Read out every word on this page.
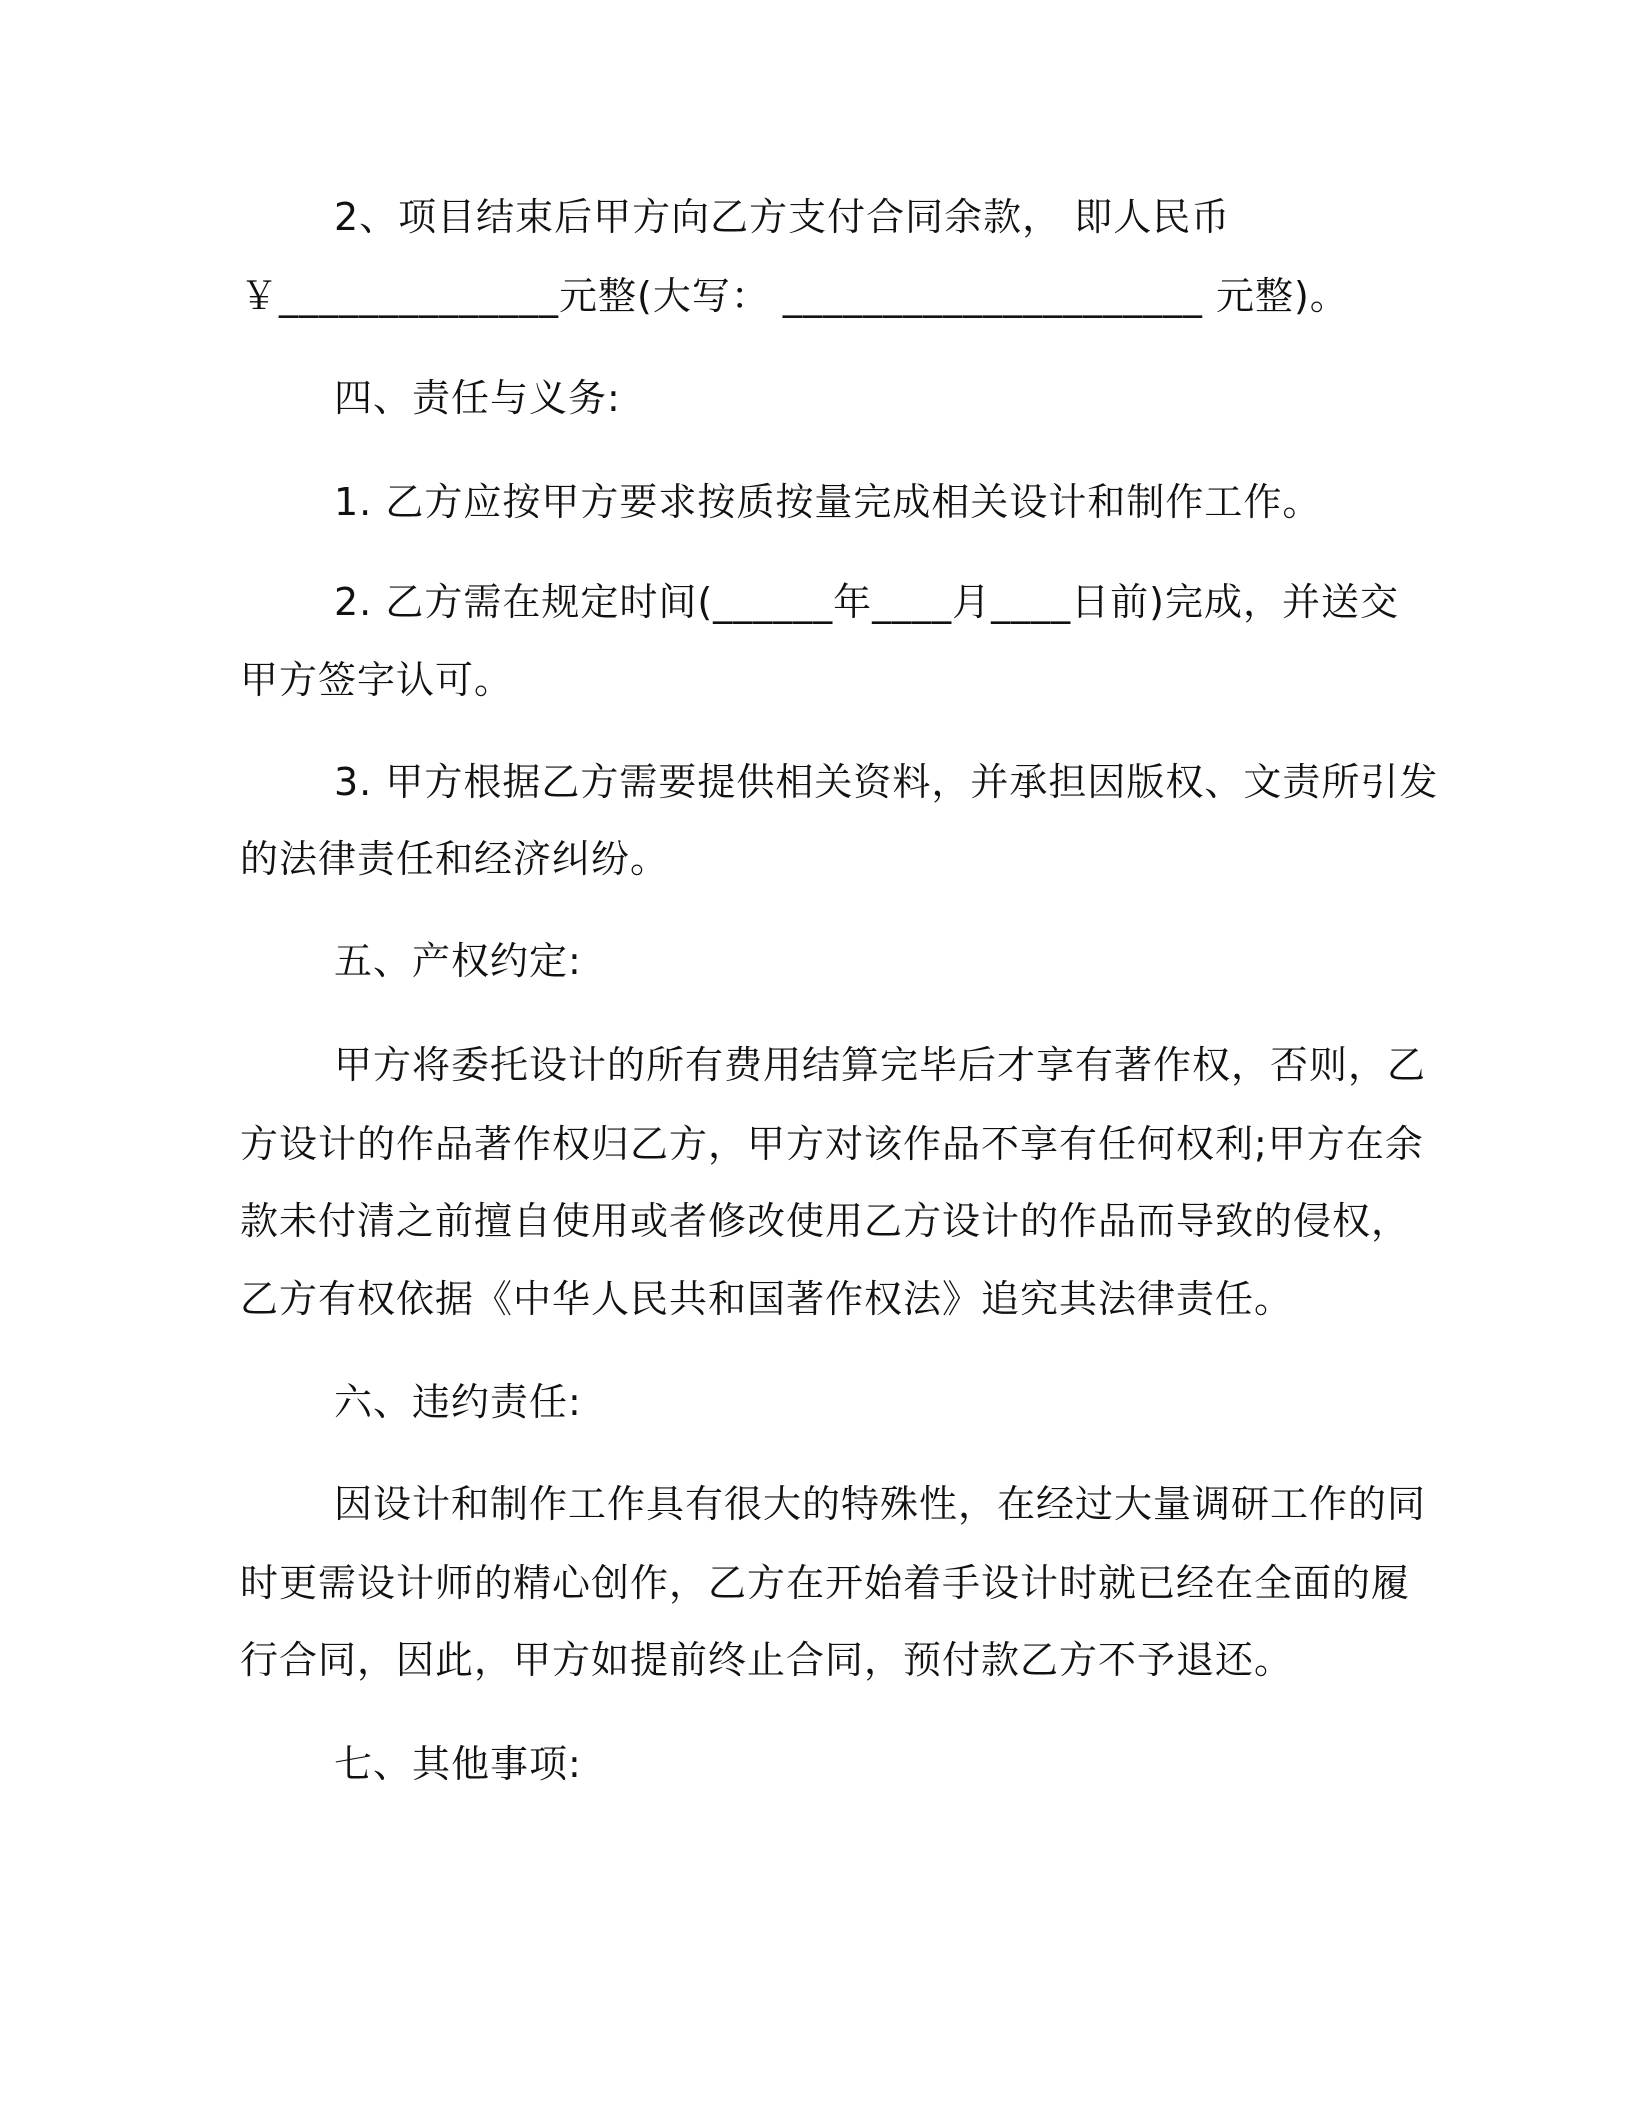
2、项目结束后甲方向乙方支付合同余款， 即人民币
￥______________元整(大写： _____________________ 元整)。
四、责任与义务:
1. 乙方应按甲方要求按质按量完成相关设计和制作工作。
2. 乙方需在规定时间(______年____月____日前)完成，并送交
甲方签字认可。
3. 甲方根据乙方需要提供相关资料，并承担因版权、文责所引发
的法律责任和经济纠纷。
五、产权约定:
甲方将委托设计的所有费用结算完毕后才享有著作权，否则，乙
方设计的作品著作权归乙方，甲方对该作品不享有任何权利;甲方在余
款未付清之前擅自使用或者修改使用乙方设计的作品而导致的侵权，
乙方有权依据《中华人民共和国著作权法》追究其法律责任。
六、违约责任:
因设计和制作工作具有很大的特殊性，在经过大量调研工作的同
时更需设计师的精心创作，乙方在开始着手设计时就已经在全面的履
行合同，因此，甲方如提前终止合同，预付款乙方不予退还。
七、其他事项:
